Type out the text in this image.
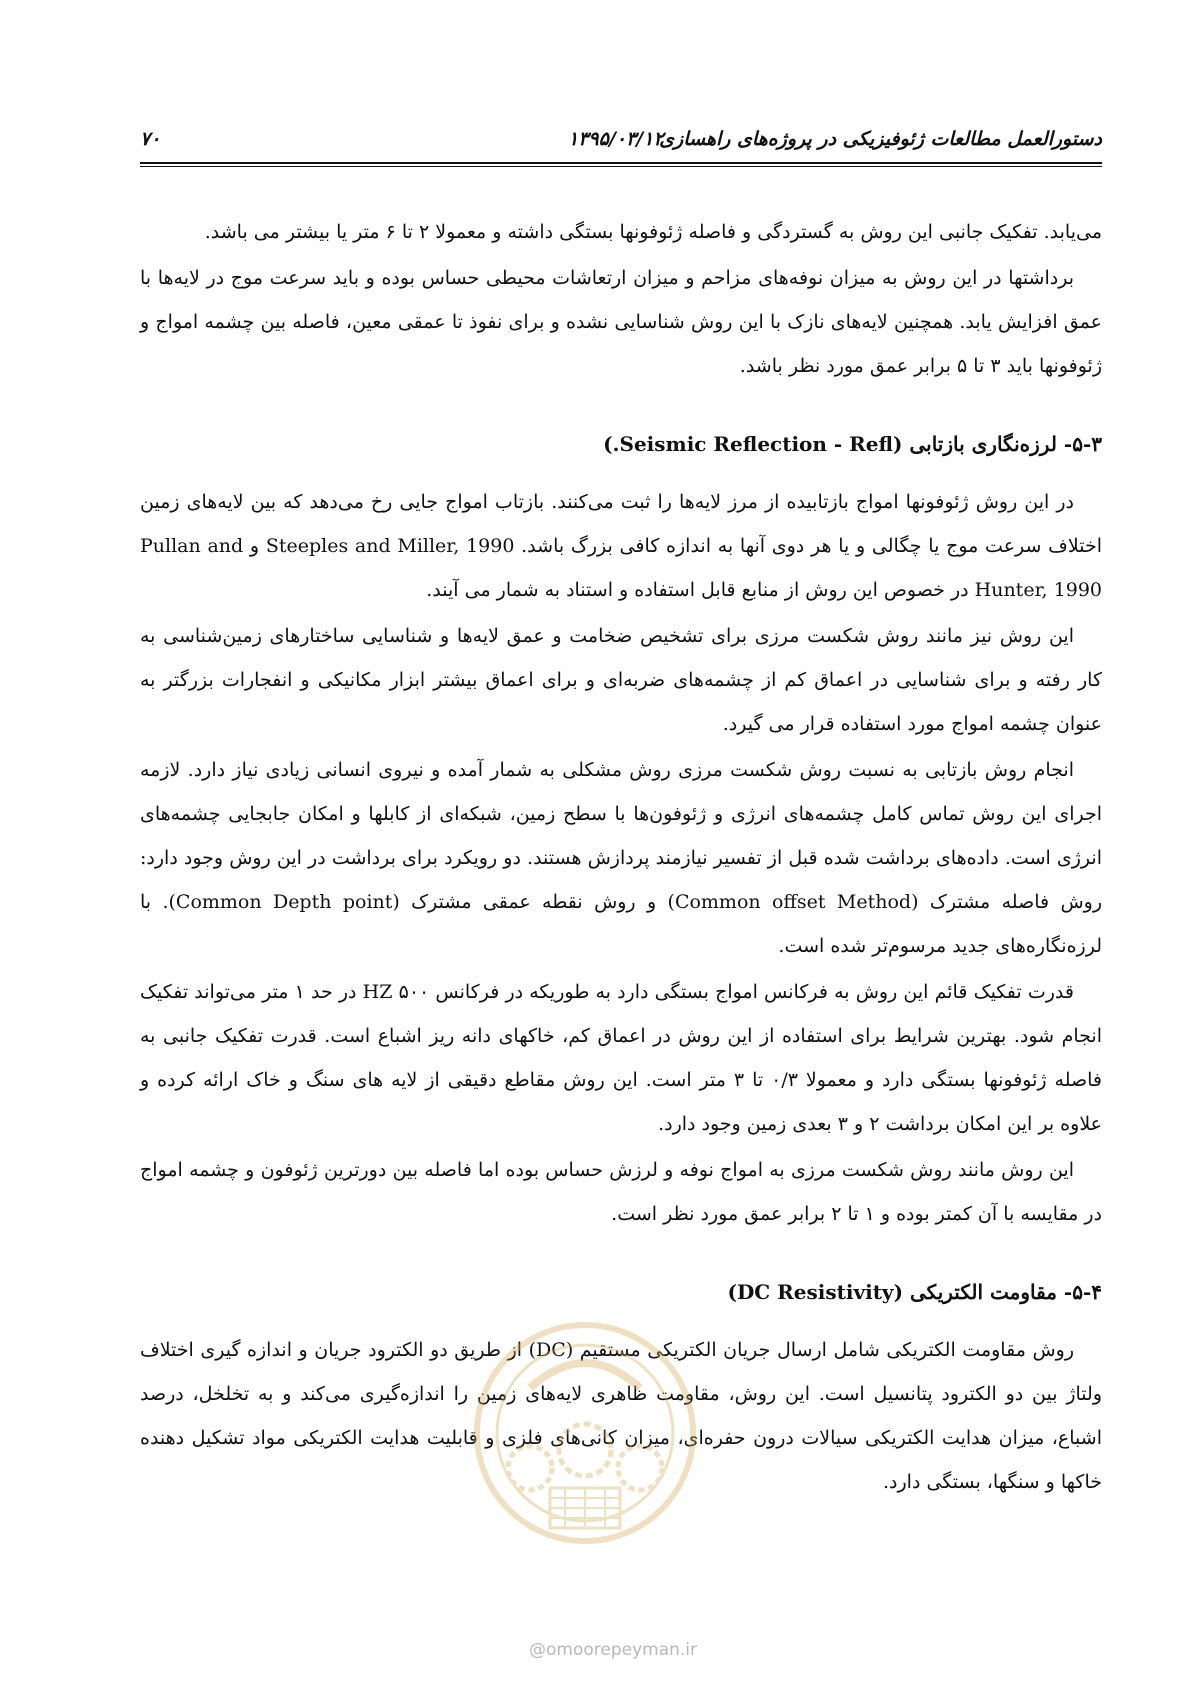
۷۰	۱۳۹۵/۰۳/۱۲
دستورالعمل مطالعات ژئوفیزیکی در پروژه‌های راهسازی

می‌یابد. تفکیک جانبی این روش به گستردگی و فاصله ژئوفونها بستگی داشته و معمولا ۲ تا ۶ متر یا بیشتر می باشد.

برداشتها در این روش به میزان نوفه‌های مزاحم و میزان ارتعاشات محیطی حساس بوده و باید سرعت موج در لایه‌ها با عمق افزایش یابد. همچنین لایه‌های نازک با این روش شناسایی نشده و برای نفوذ تا عمقی معین، فاصله بین چشمه امواج و ژئوفونها باید ۳ تا ۵ برابر عمق مورد نظر باشد.

۵-۳- لرزه‌نگاری بازتابی (Seismic Reflection - Refl.)

در این روش ژئوفونها امواج بازتابیده از مرز لایه‌ها را ثبت می‌کنند. بازتاب امواج جایی رخ می‌دهد که بین لایه‌های زمین اختلاف سرعت موج یا چگالی و یا هر دوی آنها به اندازه کافی بزرگ باشد. Steeples and Miller, 1990 و Pullan and Hunter, 1990 در خصوص این روش از منابع قابل استفاده و استناد به شمار می آیند.

این روش نیز مانند روش شکست مرزی برای تشخیص ضخامت و عمق لایه‌ها و شناسایی ساختارهای زمین‌شناسی به کار رفته و برای شناسایی در اعماق کم از چشمه‌های ضربه‌ای و برای اعماق بیشتر ابزار مکانیکی و انفجارات بزرگتر به عنوان چشمه امواج مورد استفاده قرار می گیرد.

انجام روش بازتابی به نسبت روش شکست مرزی روش مشکلی به شمار آمده و نیروی انسانی زیادی نیاز دارد. لازمه اجرای این روش تماس کامل چشمه‌های انرژی و ژئوفون‌ها با سطح زمین، شبکه‌ای از کابلها و امکان جابجایی چشمه‌های انرژی است. داده‌های برداشت شده قبل از تفسیر نیازمند پردازش هستند. دو رویکرد برای برداشت در این روش وجود دارد: روش فاصله مشترک (Common offset Method) و روش نقطه عمقی مشترک (Common Depth point). با لرزه‌نگاره‌های جدید مرسوم‌تر شده است.

قدرت تفکیک قائم این روش به فرکانس امواج بستگی دارد به طوریکه در فرکانس ۵۰۰ HZ در حد ۱ متر می‌تواند تفکیک انجام شود. بهترین شرایط برای استفاده از این روش در اعماق کم، خاکهای دانه ریز اشباع است. قدرت تفکیک جانبی به فاصله ژئوفونها بستگی دارد و معمولا ۰/۳ تا ۳ متر است. این روش مقاطع دقیقی از لایه های سنگ و خاک ارائه کرده و علاوه بر این امکان برداشت ۲ و ۳ بعدی زمین وجود دارد.

این روش مانند روش شکست مرزی به امواج نوفه و لرزش حساس بوده اما فاصله بین دورترین ژئوفون و چشمه امواج در مقایسه با آن کمتر بوده و ۱ تا ۲ برابر عمق مورد نظر است.

۵-۴- مقاومت الکتریکی (DC Resistivity)

روش مقاومت الکتریکی شامل ارسال جریان الکتریکی مستقیم (DC) از طریق دو الکترود جریان و اندازه گیری اختلاف ولتاژ بین دو الکترود پتانسیل است. این روش، مقاومت ظاهری لایه‌های زمین را اندازه‌گیری می‌کند و به تخلخل، درصد اشباع، میزان هدایت الکتریکی سیالات درون حفره‌ای، میزان کانی‌های فلزی و قابلیت هدایت الکتریکی مواد تشکیل دهنده خاکها و سنگها، بستگی دارد.

@omoorepeyman.ir
